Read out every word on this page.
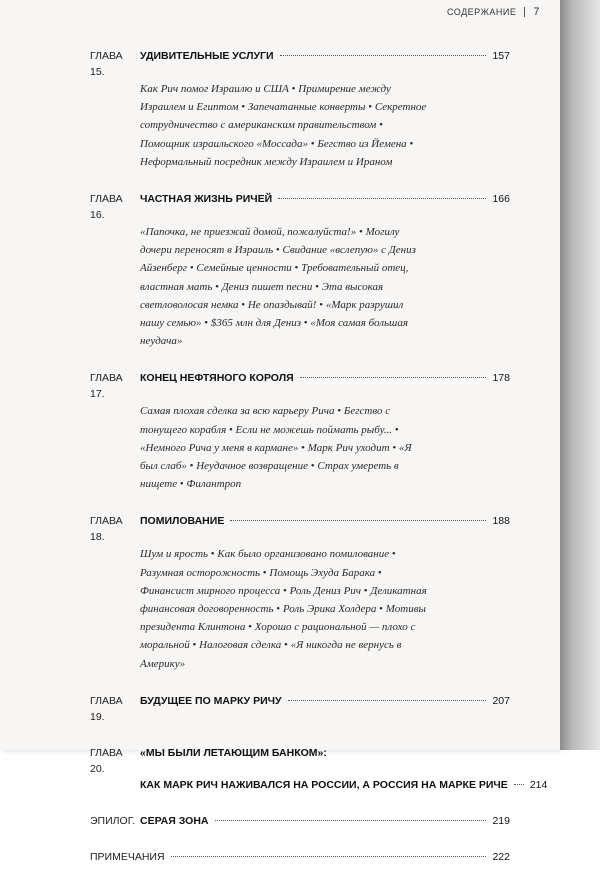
СОДЕРЖАНИЕ 7
ГЛАВА 15.
УДИВИТЕЛЬНЫЕ УСЛУГИ	157
Как Рич помог Израилю и США • Примирение между Израилем и Египтом • Запечатанные конверты • Секретное сотрудничество с американским правительством • Помощник израильского «Моссада» • Бегство из Йемена • Неформальный посредник между Израилем и Ираном
ГЛАВА 16.
ЧАСТНАЯ ЖИЗНЬ РИЧЕЙ	166
«Папочка, не приезжай домой, пожалуйста!» • Могилу дочери переносят в Израиль • Свидание «вслепую» с Дениз Айзенберг • Семейные ценности • Требовательный отец, властная мать • Дениз пишет песни • Эта высокая светловолосая немка • Не опаздывай! • «Марк разрушил нашу семью» • $365 млн для Дениз • «Моя самая большая неудача»
ГЛАВА 17.
КОНЕЦ НЕФТЯНОГО КОРОЛЯ	178
Самая плохая сделка за всю карьеру Рича • Бегство с тонущего корабля • Если не можешь поймать рыбу... • «Немного Рича у меня в кармане» • Марк Рич уходит • «Я был слаб» • Неудачное возвращение • Страх умереть в нищете • Филантроп
ГЛАВА 18.
ПОМИЛОВАНИЕ	188
Шум и ярость • Как было организовано помилование • Разумная осторожность • Помощь Эхуда Барака • Финансист мирного процесса • Роль Дениз Рич • Деликатная финансовая договоренность • Роль Эрика Холдера • Мотивы президента Клинтона • Хорошо с рациональной — плохо с моральной • Налоговая сделка • «Я никогда не вернусь в Америку»
ГЛАВА 19.
БУДУЩЕЕ ПО МАРКУ РИЧУ	207
ГЛАВА 20.
«МЫ БЫЛИ ЛЕТАЮЩИМ БАНКОМ»:
КАК МАРК РИЧ НАЖИВАЛСЯ НА РОССИИ, А РОССИЯ НА МАРКЕ РИЧЕ 214
ЭПИЛОГ. СЕРАЯ ЗОНА	219
ПРИМЕЧАНИЯ	222
